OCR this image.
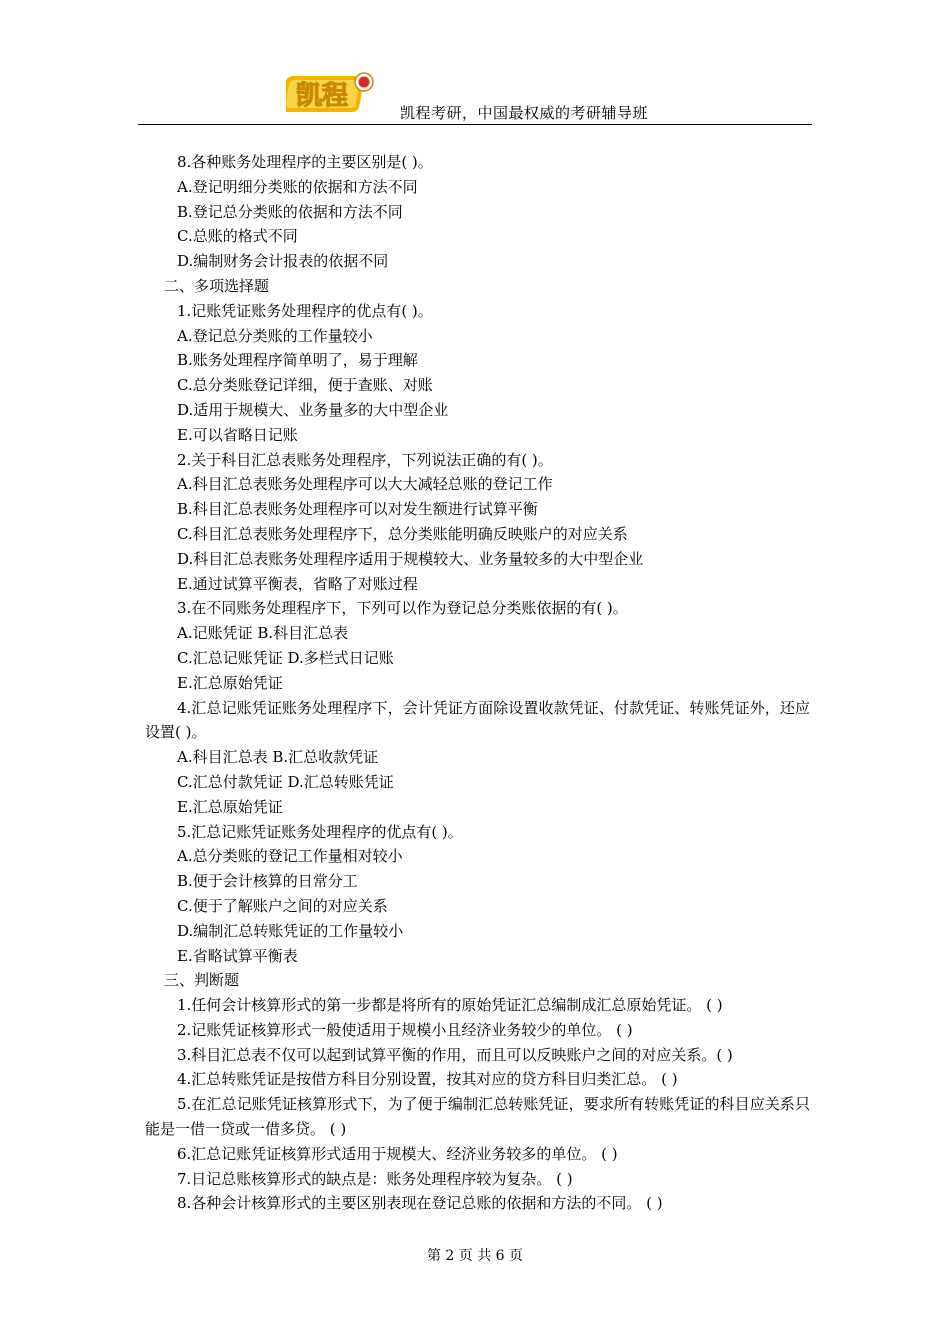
凯程
凯程考研，中国最权威的考研辅导班
8.各种账务处理程序的主要区别是( )。
A.登记明细分类账的依据和方法不同
B.登记总分类账的依据和方法不同
C.总账的格式不同
D.编制财务会计报表的依据不同
二、多项选择题
1.记账凭证账务处理程序的优点有( )。
A.登记总分类账的工作量较小
B.账务处理程序简单明了，易于理解
C.总分类账登记详细，便于查账、对账
D.适用于规模大、业务量多的大中型企业
E.可以省略日记账
2.关于科目汇总表账务处理程序，下列说法正确的有( )。
A.科目汇总表账务处理程序可以大大减轻总账的登记工作
B.科目汇总表账务处理程序可以对发生额进行试算平衡
C.科目汇总表账务处理程序下，总分类账能明确反映账户的对应关系
D.科目汇总表账务处理程序适用于规模较大、业务量较多的大中型企业
E.通过试算平衡表，省略了对账过程
3.在不同账务处理程序下，下列可以作为登记总分类账依据的有( )。
A.记账凭证 B.科目汇总表
C.汇总记账凭证 D.多栏式日记账
E.汇总原始凭证
4.汇总记账凭证账务处理程序下，会计凭证方面除设置收款凭证、付款凭证、转账凭证外，还应设置( )。
A.科目汇总表 B.汇总收款凭证
C.汇总付款凭证 D.汇总转账凭证
E.汇总原始凭证
5.汇总记账凭证账务处理程序的优点有( )。
A.总分类账的登记工作量相对较小
B.便于会计核算的日常分工
C.便于了解账户之间的对应关系
D.编制汇总转账凭证的工作量较小
E.省略试算平衡表
三、判断题
1.任何会计核算形式的第一步都是将所有的原始凭证汇总编制成汇总原始凭证。 ( )
2.记账凭证核算形式一般使适用于规模小且经济业务较少的单位。 ( )
3.科目汇总表不仅可以起到试算平衡的作用，而且可以反映账户之间的对应关系。( )
4.汇总转账凭证是按借方科目分别设置，按其对应的贷方科目归类汇总。 ( )
5.在汇总记账凭证核算形式下，为了便于编制汇总转账凭证，要求所有转账凭证的科目应关系只能是一借一贷或一借多贷。 ( )
6.汇总记账凭证核算形式适用于规模大、经济业务较多的单位。 ( )
7.日记总账核算形式的缺点是：账务处理程序较为复杂。 ( )
8.各种会计核算形式的主要区别表现在登记总账的依据和方法的不同。 ( )
第 2 页 共 6 页
